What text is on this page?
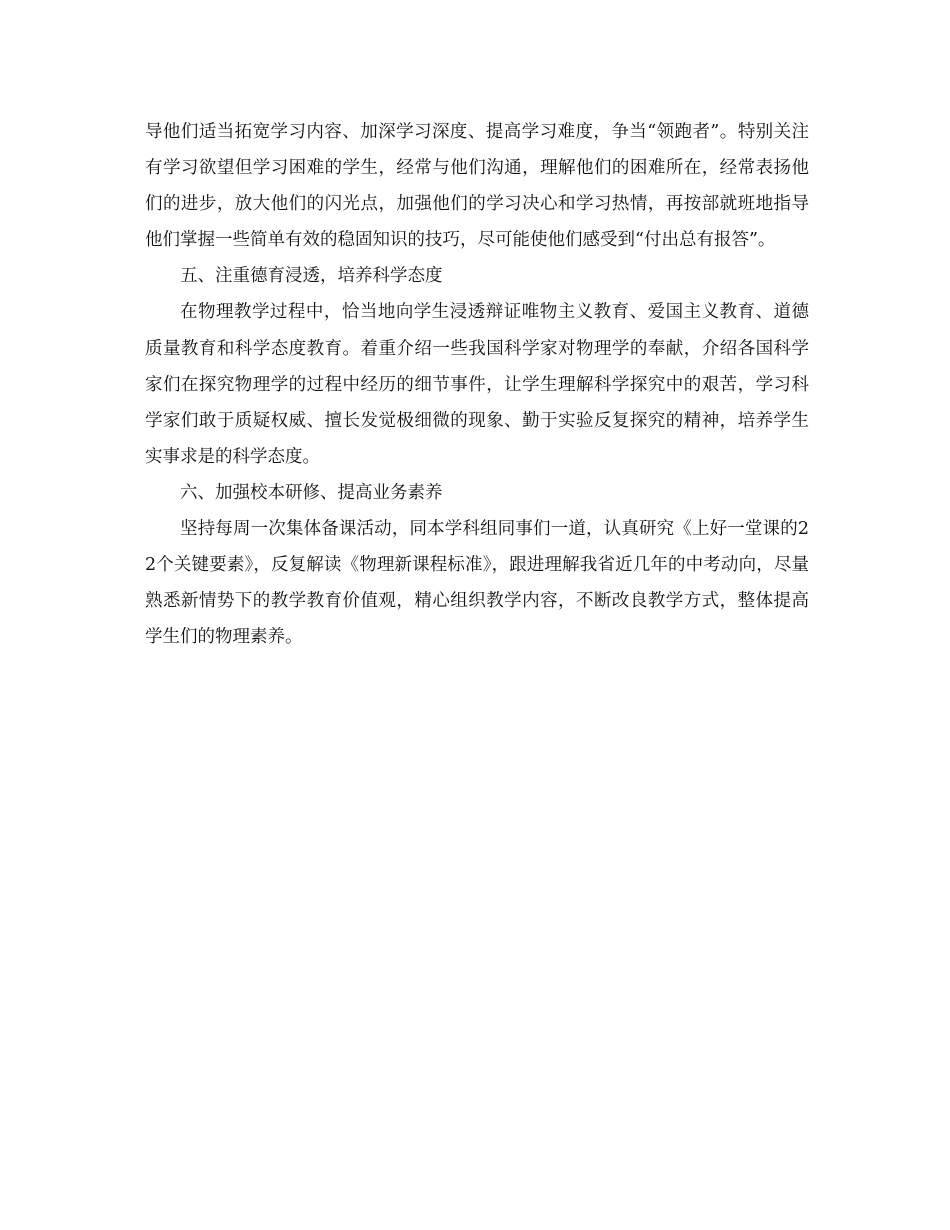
导他们适当拓宽学习内容、加深学习深度、提高学习难度，争当“领跑者”。特别关注有学习欲望但学习困难的学生，经常与他们沟通，理解他们的困难所在，经常表扬他们的进步，放大他们的闪光点，加强他们的学习决心和学习热情，再按部就班地指导他们掌握一些简单有效的稳固知识的技巧，尽可能使他们感受到“付出总有报答”。

五、注重德育浸透，培养科学态度

在物理教学过程中，恰当地向学生浸透辩证唯物主义教育、爱国主义教育、道德质量教育和科学态度教育。着重介绍一些我国科学家对物理学的奉献，介绍各国科学家们在探究物理学的过程中经历的细节事件，让学生理解科学探究中的艰苦，学习科学家们敢于质疑权威、擅长发觉极细微的现象、勤于实验反复探究的精神，培养学生实事求是的科学态度。

六、加强校本研修、提高业务素养

坚持每周一次集体备课活动，同本学科组同事们一道，认真研究《上好一堂课的22个关键要素》，反复解读《物理新课程标准》，跟进理解我省近几年的中考动向，尽量熟悉新情势下的教学教育价值观，精心组织教学内容，不断改良教学方式，整体提高学生们的物理素养。
